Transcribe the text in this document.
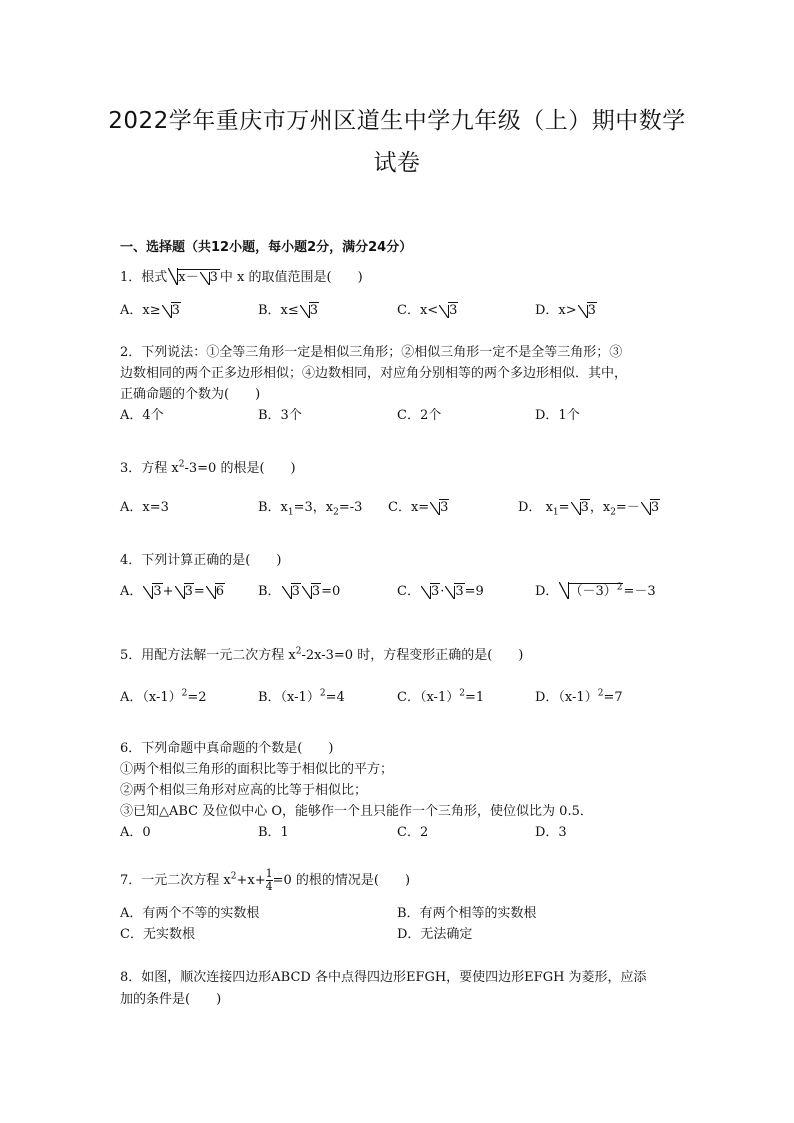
2022学年重庆市万州区道生中学九年级（上）期中数学试卷
一、选择题（共12小题，每小题2分，满分24分）
1．根式 x－ 3 中 x 的取值范围是(　　)
A．x≥ 3	B．x≤ 3	C．x< 3	D．x> 3
2．下列说法：①全等三角形一定是相似三角形；②相似三角形一定不是全等三角形；③
边数相同的两个正多边形相似；④边数相同，对应角分别相等的两个多边形相似．其中，
正确命题的个数为(　　)
A．4个	B．3个	C．2个	D．1个
3．方程 $x^2-3=0$ 的根是(　　)
A．x=3	B．$x_1=3$，$x_2=-3$ C．x= 3	D． $x_1= 3$，$x_2=- 3$
4．下列计算正确的是(　　)
A． 3+ 3= 6	B． 3 3=0	C． 3· 3=9	D． $(-3)^2=-3$
5．用配方法解一元二次方程 $x^2-2x-3=0$ 时，方程变形正确的是(　　)
A．$(x-1)^2=2$	B．$(x-1)^2=4$	C．$(x-1)^2=1$	D．$(x-1)^2=7$
6．下列命题中真命题的个数是(　　)
①两个相似三角形的面积比等于相似比的平方；
②两个相似三角形对应高的比等于相似比；
③已知△ABC 及位似中心 O，能够作一个且只能作一个三角形，使位似比为 0.5．
A．0	B．1	C．2	D．3
7．一元二次方程 $x^2+x+ \frac{1}{4} =0$ 的根的情况是(　　)
A．有两个不等的实数根	B．有两个相等的实数根
C．无实数根	D．无法确定
8．如图，顺次连接四边形ABCD 各中点得四边形EFGH，要使四边形EFGH 为菱形，应添
加的条件是(　　)
